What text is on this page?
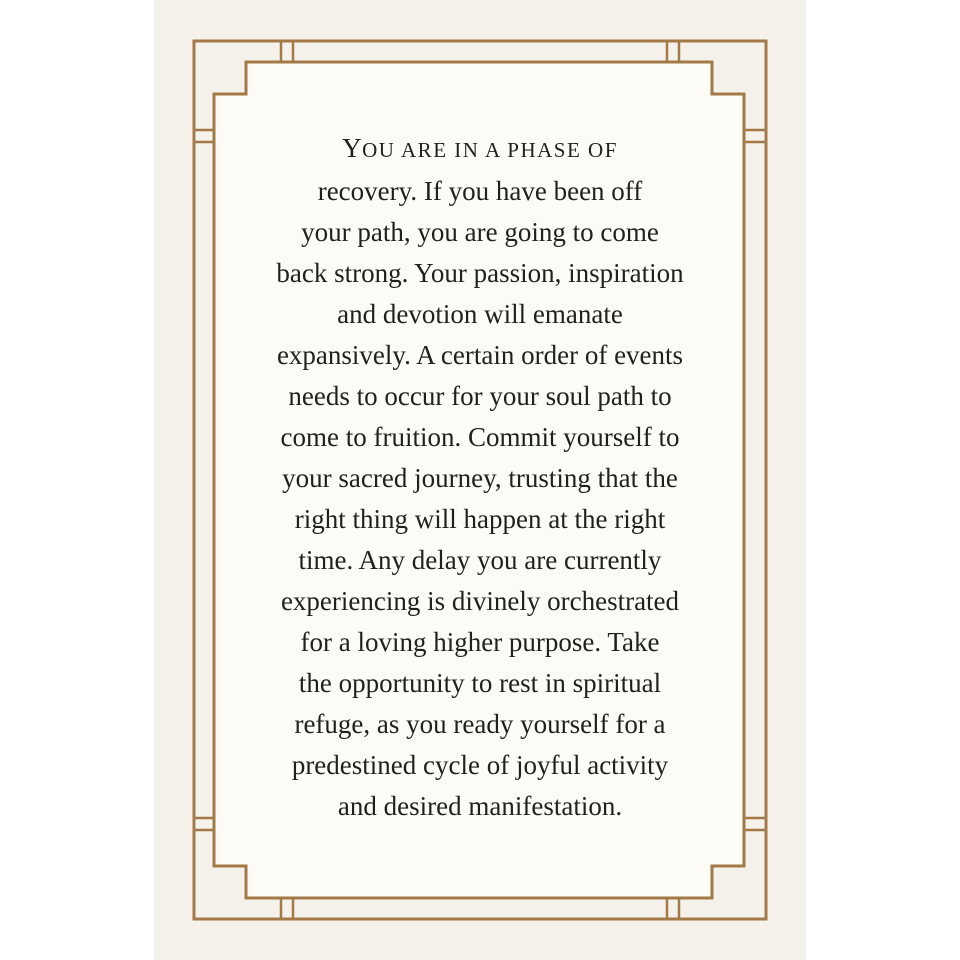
YOU ARE IN A PHASE OF
recovery. If you have been off
your path, you are going to come
back strong. Your passion, inspiration
and devotion will emanate
expansively. A certain order of events
needs to occur for your soul path to
come to fruition. Commit yourself to
your sacred journey, trusting that the
right thing will happen at the right
time. Any delay you are currently
experiencing is divinely orchestrated
for a loving higher purpose. Take
the opportunity to rest in spiritual
refuge, as you ready yourself for a
predestined cycle of joyful activity
and desired manifestation.
